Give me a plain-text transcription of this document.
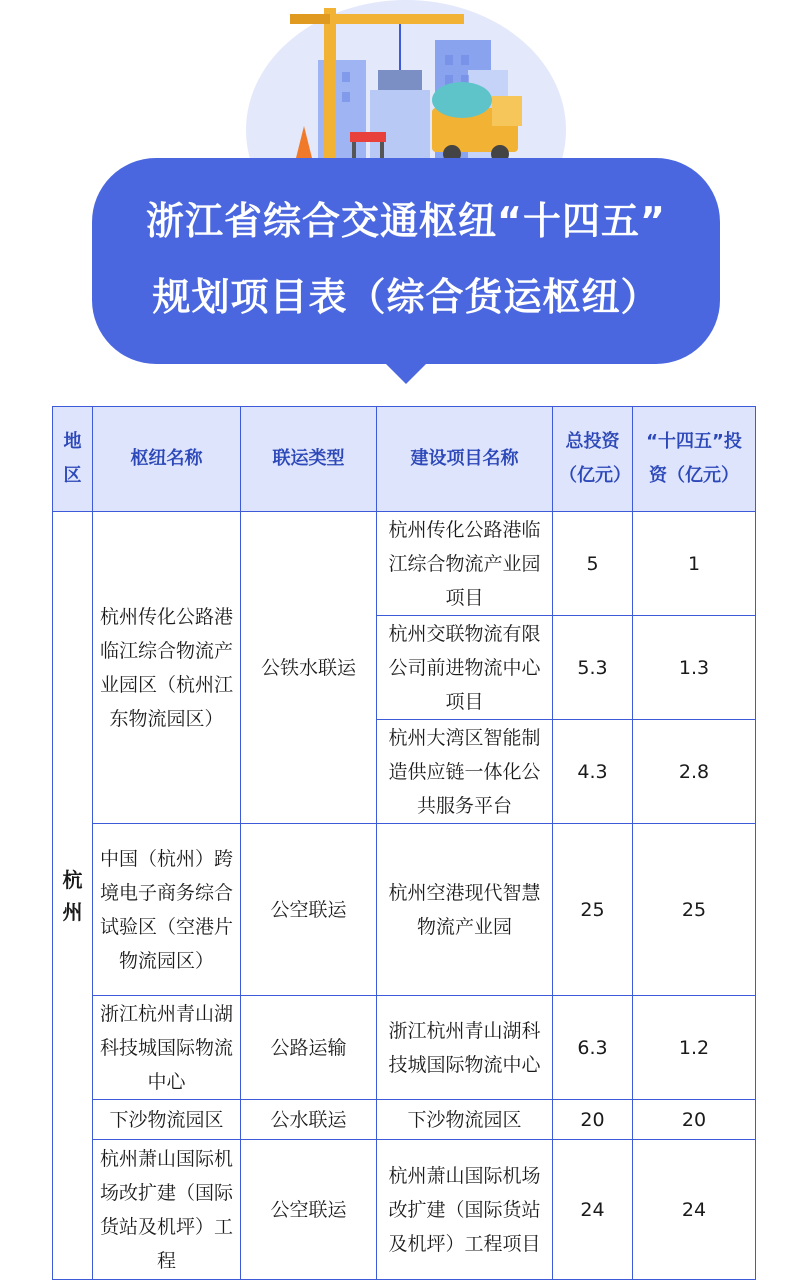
浙江省综合交通枢纽“十四五”
规划项目表（综合货运枢纽）
地区	枢纽名称	联运类型	建设项目名称	总投资（亿元）	“十四五”投资（亿元）
杭州	杭州传化公路港临江综合物流产业园区（杭州江东物流园区）	公铁水联运	杭州传化公路港临江综合物流产业园项目	5	1
			杭州交联物流有限公司前进物流中心项目	5.3	1.3
			杭州大湾区智能制造供应链一体化公共服务平台	4.3	2.8
	中国（杭州）跨境电子商务综合试验区（空港片物流园区）	公空联运	杭州空港现代智慧物流产业园	25	25
	浙江杭州青山湖科技城国际物流中心	公路运输	浙江杭州青山湖科技城国际物流中心	6.3	1.2
	下沙物流园区	公水联运	下沙物流园区	20	20
	杭州萧山国际机场改扩建（国际货站及机坪）工程	公空联运	杭州萧山国际机场改扩建（国际货站及机坪）工程项目	24	24
